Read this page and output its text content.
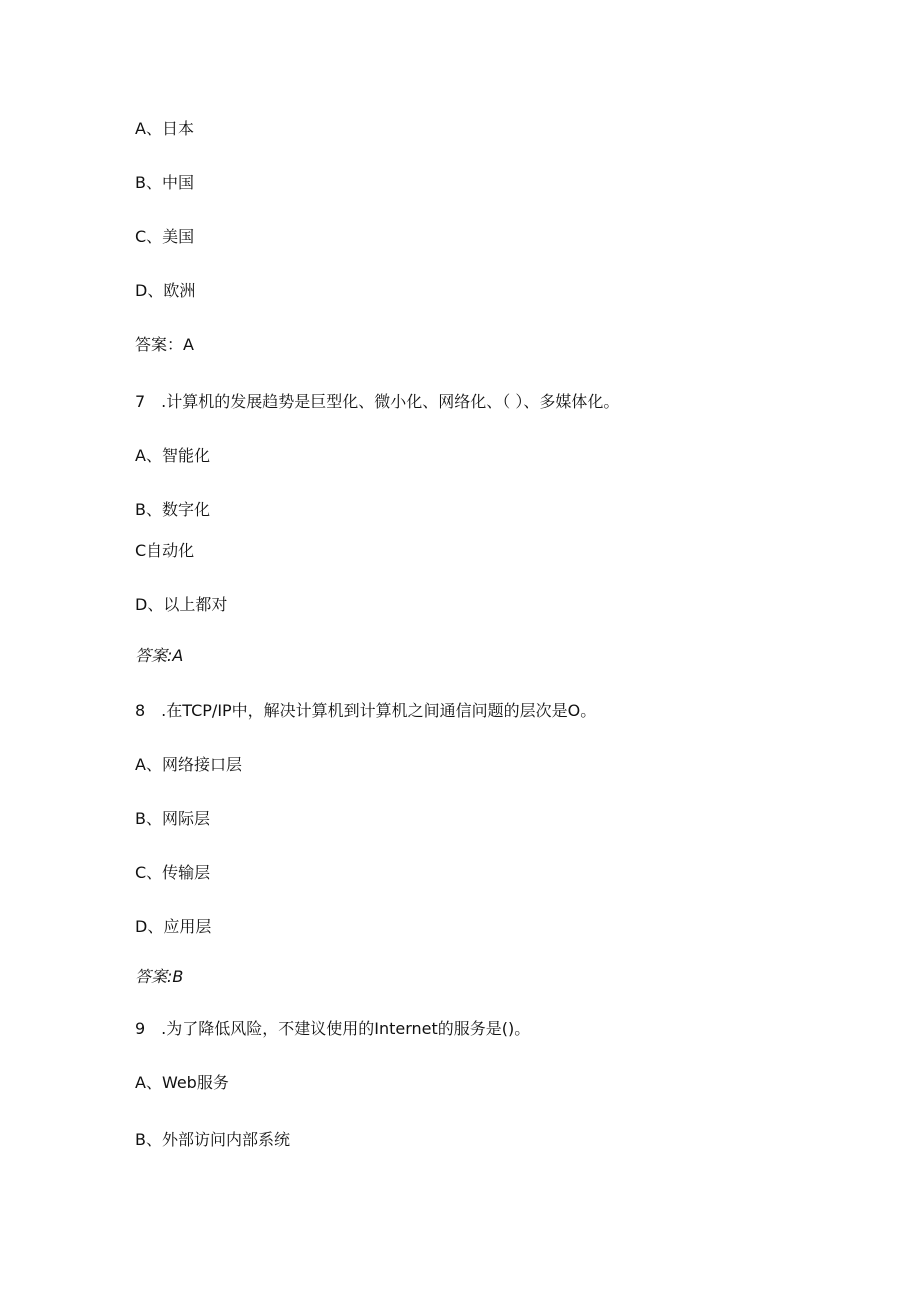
A、日本
B、中国
C、美国
D、欧洲
答案：A
7　.计算机的发展趋势是巨型化、微小化、网络化、（ ）、多媒体化。
A、智能化
B、数字化
C自动化
D、以上都对
答案:A
8　.在TCP/IP中，解决计算机到计算机之间通信问题的层次是O。
A、网络接口层
B、网际层
C、传输层
D、应用层
答案:B
9　.为了降低风险，不建议使用的Internet的服务是()。
A、Web服务
B、外部访问内部系统
